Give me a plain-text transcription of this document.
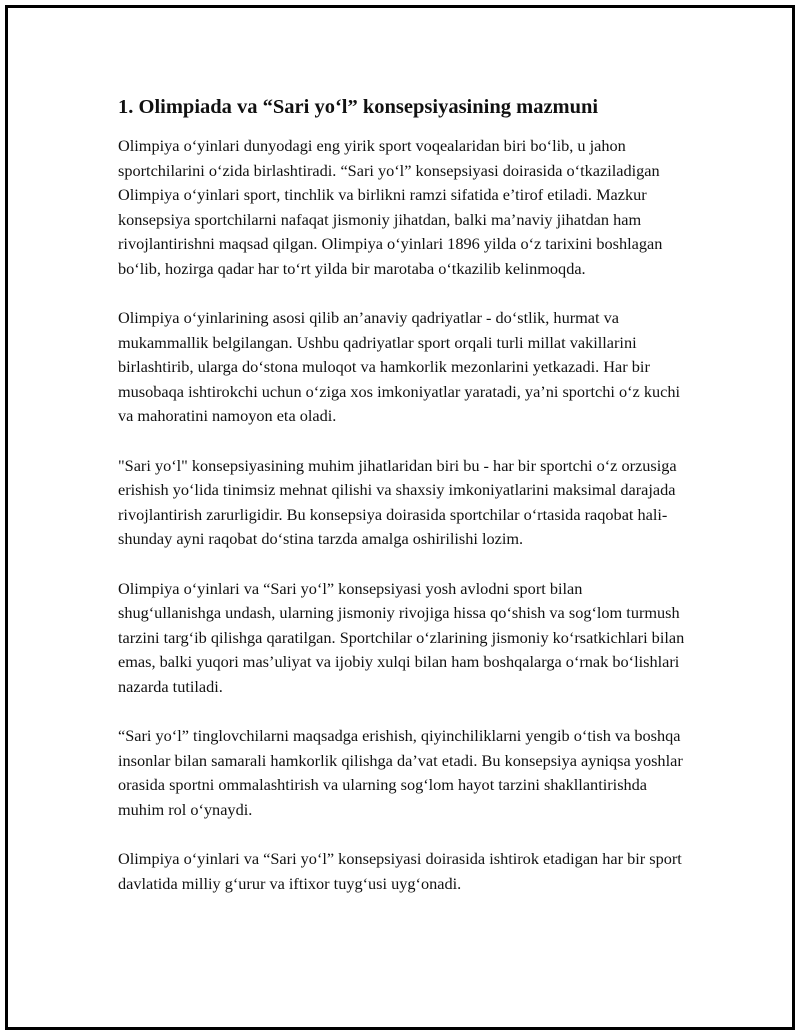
1. Olimpiada va “Sari yo‘l” konsepsiyasining mazmuni

Olimpiya o‘yinlari dunyodagi eng yirik sport voqealaridan biri bo‘lib, u jahon sportchilarini o‘zida birlashtiradi. “Sari yo‘l” konsepsiyasi doirasida o‘tkaziladigan Olimpiya o‘yinlari sport, tinchlik va birlikni ramzi sifatida e’tirof etiladi. Mazkur konsepsiya sportchilarni nafaqat jismoniy jihatdan, balki ma’naviy jihatdan ham rivojlantirishni maqsad qilgan. Olimpiya o‘yinlari 1896 yilda o‘z tarixini boshlagan bo‘lib, hozirga qadar har to‘rt yilda bir marotaba o‘tkazilib kelinmoqda.

Olimpiya o‘yinlarining asosi qilib an’anaviy qadriyatlar - do‘stlik, hurmat va mukammallik belgilangan. Ushbu qadriyatlar sport orqali turli millat vakillarini birlashtirib, ularga do‘stona muloqot va hamkorlik mezonlarini yetkazadi. Har bir musobaqa ishtirokchi uchun o‘ziga xos imkoniyatlar yaratadi, ya’ni sportchi o‘z kuchi va mahoratini namoyon eta oladi.

"Sari yo‘l" konsepsiyasining muhim jihatlaridan biri bu - har bir sportchi o‘z orzusiga erishish yo‘lida tinimsiz mehnat qilishi va shaxsiy imkoniyatlarini maksimal darajada rivojlantirish zarurligidir. Bu konsepsiya doirasida sportchilar o‘rtasida raqobat hali-shunday ayni raqobat do‘stina tarzda amalga oshirilishi lozim.

Olimpiya o‘yinlari va “Sari yo‘l” konsepsiyasi yosh avlodni sport bilan shug‘ullanishga undash, ularning jismoniy rivojiga hissa qo‘shish va sog‘lom turmush tarzini targ‘ib qilishga qaratilgan. Sportchilar o‘zlarining jismoniy ko‘rsatkichlari bilan emas, balki yuqori mas’uliyat va ijobiy xulqi bilan ham boshqalarga o‘rnak bo‘lishlari nazarda tutiladi.

“Sari yo‘l” tinglovchilarni maqsadga erishish, qiyinchiliklarni yengib o‘tish va boshqa insonlar bilan samarali hamkorlik qilishga da’vat etadi. Bu konsepsiya ayniqsa yoshlar orasida sportni ommalashtirish va ularning sog‘lom hayot tarzini shakllantirishda muhim rol o‘ynaydi.

Olimpiya o‘yinlari va “Sari yo‘l” konsepsiyasi doirasida ishtirok etadigan har bir sport davlatida milliy g‘urur va iftixor tuyg‘usi uyg‘onadi.
